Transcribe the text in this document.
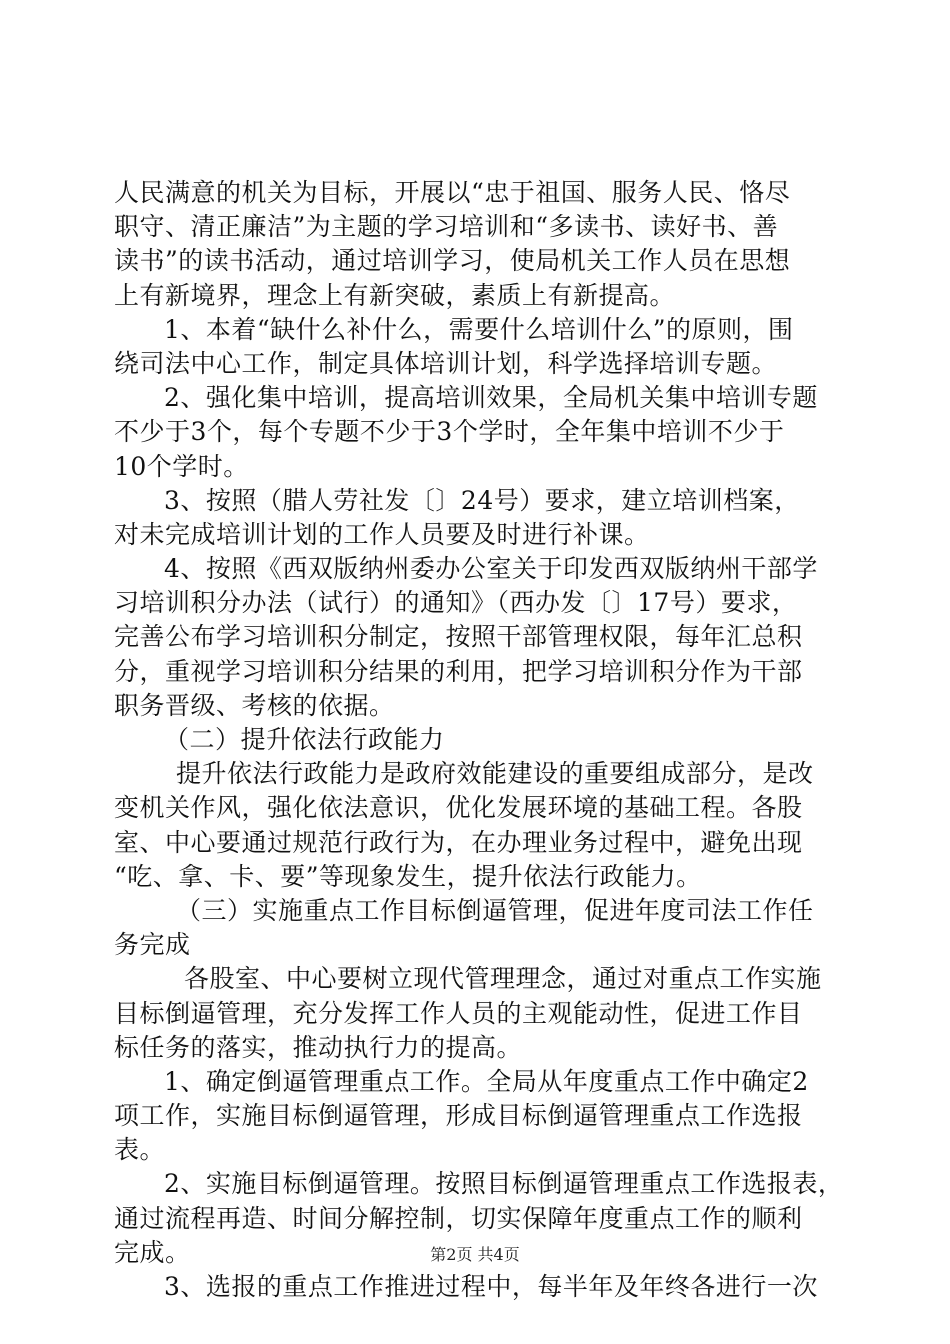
人民满意的机关为目标，开展以“忠于祖国、服务人民、恪尽
职守、清正廉洁”为主题的学习培训和“多读书、读好书、善
读书”的读书活动，通过培训学习，使局机关工作人员在思想
上有新境界，理念上有新突破，素质上有新提高。
1、本着“缺什么补什么，需要什么培训什么”的原则，围
绕司法中心工作，制定具体培训计划，科学选择培训专题。
2、强化集中培训，提高培训效果，全局机关集中培训专题
不少于3个，每个专题不少于3个学时，全年集中培训不少于
10个学时。
3、按照（腊人劳社发〔〕24号）要求，建立培训档案，
对未完成培训计划的工作人员要及时进行补课。
4、按照《西双版纳州委办公室关于印发西双版纳州干部学
习培训积分办法（试行）的通知》（西办发〔〕17号）要求，
完善公布学习培训积分制定，按照干部管理权限，每年汇总积
分，重视学习培训积分结果的利用，把学习培训积分作为干部
职务晋级、考核的依据。
（二）提升依法行政能力
提升依法行政能力是政府效能建设的重要组成部分，是改
变机关作风，强化依法意识，优化发展环境的基础工程。各股
室、中心要通过规范行政行为，在办理业务过程中，避免出现
“吃、拿、卡、要”等现象发生，提升依法行政能力。
（三）实施重点工作目标倒逼管理，促进年度司法工作任
务完成
各股室、中心要树立现代管理理念，通过对重点工作实施
目标倒逼管理，充分发挥工作人员的主观能动性，促进工作目
标任务的落实，推动执行力的提高。
1、确定倒逼管理重点工作。全局从年度重点工作中确定2
项工作，实施目标倒逼管理，形成目标倒逼管理重点工作选报
表。
2、实施目标倒逼管理。按照目标倒逼管理重点工作选报表，
通过流程再造、时间分解控制，切实保障年度重点工作的顺利
完成。
3、选报的重点工作推进过程中，每半年及年终各进行一次
第2页 共4页
